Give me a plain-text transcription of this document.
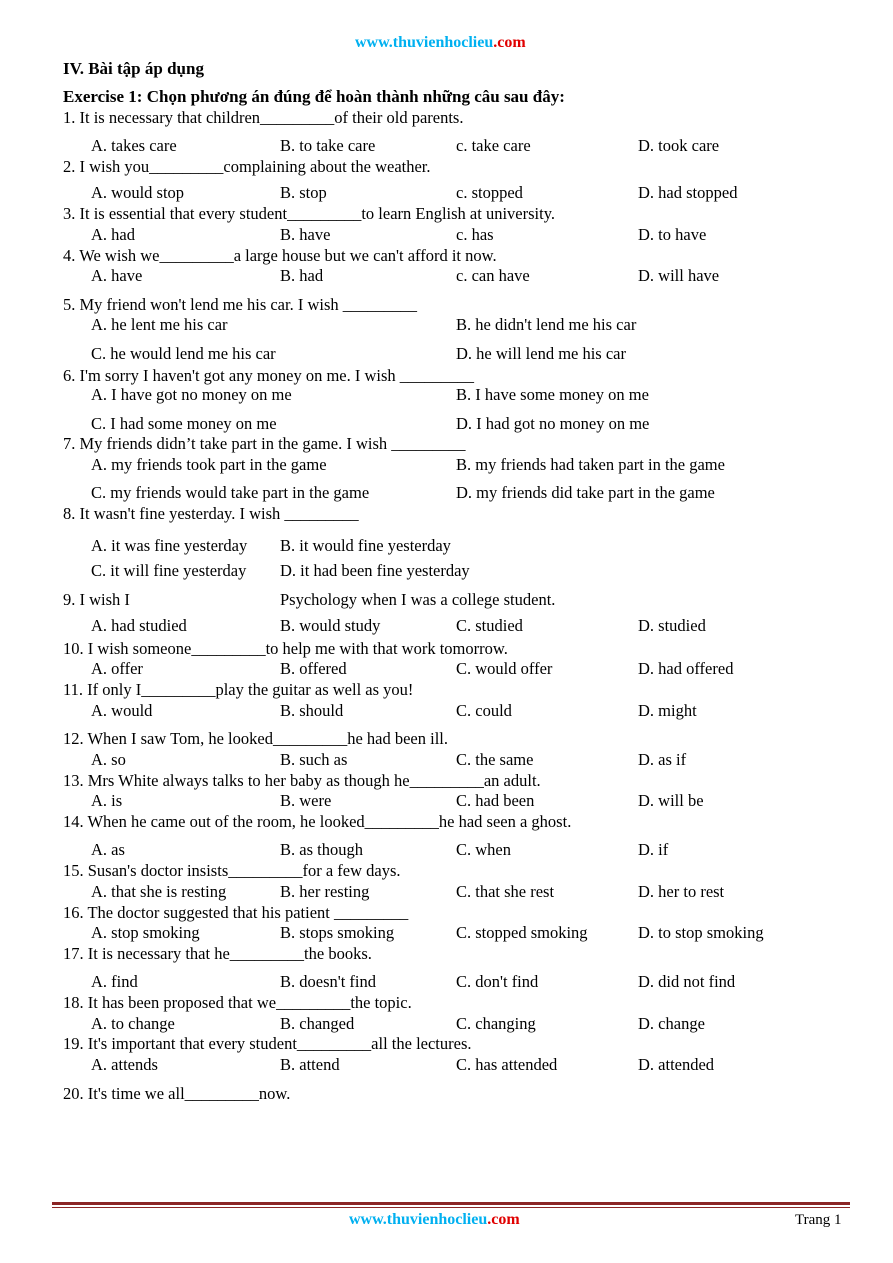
www.thuvienhoclieu.com
IV. Bài tập áp dụng
Exercise 1: Chọn phương án đúng để hoàn thành những câu sau đây:
1. It is necessary that children_________of their old parents.
A. takes care	B. to take care	c. take care	D. took care
2. I wish you_________complaining about the weather.
A. would stop	B. stop	c. stopped	D. had stopped
3. It is essential that every student_________to learn English at university.
A. had	B. have	c. has	D. to have
4. We wish we_________a large house but we can't afford it now.
A. have	B. had	c. can have	D. will have
5. My friend won't lend me his car. I wish _________
A. he lent me his car	B. he didn't lend me his car
C. he would lend me his car	D. he will lend me his car
6. I'm sorry I haven't got any money on me. I wish _________
A. I have got no money on me	B. I have some money on me
C. I had some money on me	D. I had got no money on me
7. My friends didn’t take part in the game. I wish _________
A. my friends took part in the game	B. my friends had taken part in the game
C. my friends would take part in the game	D. my friends did take part in the game
8. It wasn't fine yesterday. I wish _________
A. it was fine yesterday B. it would fine yesterday
C. it will fine yesterday D. it had been fine yesterday
9. I wish I	Psychology when I was a college student.
A. had studied	B. would study	C. studied	D. studied
10. I wish someone_________to help me with that work tomorrow.
A. offer	B. offered	C. would offer	D. had offered
11. If only I_________play the guitar as well as you!
A. would	B. should	C. could	D. might
12. When I saw Tom, he looked_________he had been ill.
A. so	B. such as	C. the same	D. as if
13. Mrs White always talks to her baby as though he_________an adult.
A. is	B. were	C. had been	D. will be
14. When he came out of the room, he looked_________he had seen a ghost.
A. as	B. as though	C. when	D. if
15. Susan's doctor insists_________for a few days.
A. that she is resting	B. her resting	C. that she rest	D. her to rest
16. The doctor suggested that his patient _________
A. stop smoking	B. stops smoking	C. stopped smoking	D. to stop smoking
17. It is necessary that he_________the books.
A. find	B. doesn't find	C. don't find	D. did not find
18. It has been proposed that we_________the topic.
A. to change	B. changed	C. changing	D. change
19. It's important that every student_________all the lectures.
A. attends	B. attend	C. has attended	D. attended
20. It's time we all_________now.
www.thuvienhoclieu.com	Trang 1
